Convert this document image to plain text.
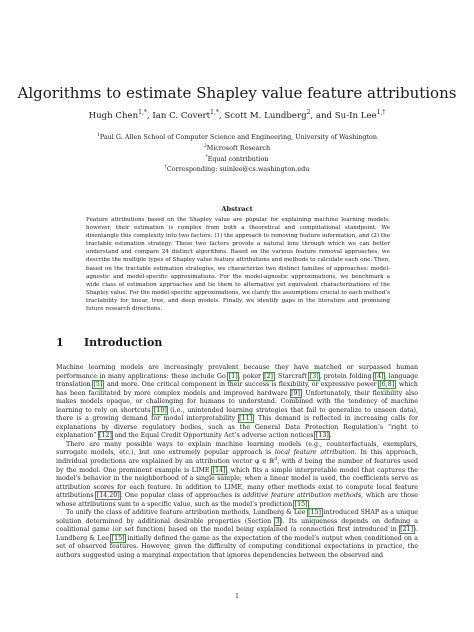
Algorithms to estimate Shapley value feature attributions
Hugh Chen$^{1,*}$, Ian C. Covert$^{1,*}$, Scott M. Lundberg$^2$, and Su-In Lee$^{1,\dagger}$
$^1$Paul G. Allen School of Computer Science and Engineering, University of Washington
$^2$Microsoft Research
*Equal contribution
†Corresponding: suinlee@cs.washington.edu
Abstract

Feature attributions based on the Shapley value are popular for explaining machine learning models; however, their estimation is complex from both a theoretical and computational standpoint. We disentangle this complexity into two factors: (1) the approach to removing feature information, and (2) the tractable estimation strategy. These two factors provide a natural lens through which we can better understand and compare 24 distinct algorithms. Based on the various feature removal approaches, we describe the multiple types of Shapley value feature attributions and methods to calculate each one. Then, based on the tractable estimation strategies, we characterize two distinct families of approaches: model-agnostic and model-specific approximations. For the model-agnostic approximations, we benchmark a wide class of estimation approaches and tie them to alternative yet equivalent characterizations of the Shapley value. For the model-specific approximations, we clarify the assumptions crucial to each method’s tractability for linear, tree, and deep models. Finally, we identify gaps in the literature and promising future research directions.

1 Introduction

Machine learning models are increasingly prevalent because they have matched or surpassed human performance in many applications: these include Go [1], poker [2], Starcraft [3], protein folding [4], language translation [5], and more. One critical component in their success is flexibility, or expressive power [6,8], which has been facilitated by more complex models and improved hardware [9]. Unfortunately, their flexibility also makes models opaque, or challenging for humans to understand. Combined with the tendency of machine learning to rely on shortcuts [10] (i.e., unintended learning strategies that fail to generalize to unseen data), there is a growing demand for model interpretability [11]. This demand is reflected in increasing calls for explanations by diverse regulatory bodies, such as the General Data Protection Regulation’s “right to explanation” [12] and the Equal Credit Opportunity Act’s adverse action notices [13].

There are many possible ways to explain machine learning models (e.g., counterfactuals, exemplars, surrogate models, etc.), but one extremely popular approach is local feature attribution. In this approach, individual predictions are explained by an attribution vector φ ∈ ℝ$^d$, with d being the number of features used by the model. One prominent example is LIME [14], which fits a simple interpretable model that captures the model’s behavior in the neighborhood of a single sample; when a linear model is used, the coefficients serve as attribution scores for each feature. In addition to LIME, many other methods exist to compute local feature attributions [14,20]. One popular class of approaches is additive feature attribution methods, which are those whose attributions sum to a specific value, such as the model’s prediction [15].

To unify the class of additive feature attribution methods, Lundberg & Lee [15] introduced SHAP as a unique solution determined by additional desirable properties (Section 3). Its uniqueness depends on defining a coalitional game (or set function) based on the model being explained (a connection first introduced in [21]). Lundberg & Lee [15] initially defined the game as the expectation of the model’s output when conditioned on a set of observed features. However, given the difficulty of computing conditional expectations in practice, the authors suggested using a marginal expectation that ignores dependencies between the observed and

1
